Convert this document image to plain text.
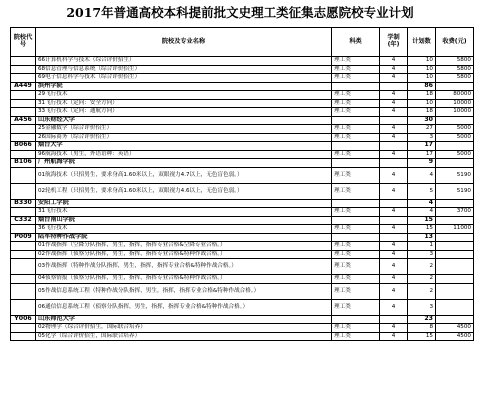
2017年普通高校本科提前批文史理工类征集志愿院校专业计划
院校代号	院校及专业名称	科类	学制(年)	计划数	收费(元)
	66计算机科学与技术（综合评价招生）	理工类	4	10	5800
	68信息管理与信息系统（综合评价招生）	理工类	4	10	5800
	69电子信息科学与技术（综合评价招生）	理工类	4	10	5800
A449	滨州学院			86	
	29飞行技术	理工类	4	18	80000
	31飞行技术（定向：安全方向）	理工类	4	10	10000
	33飞行技术（定向：通航方向）	理工类	4	18	10000
A456	山东财经大学			30	
	25金融数学（综合评价招生）	理工类	4	27	5000
	26国际商务（综合评价招生）	理工类	4	3	5000
B066	烟台大学			17	
	96航海技术（男生，外语语种：英语）	理工类	4	17	5000
B106	广州航海学院			9	
	01航海技术（只招男生，要求身高1.60米以上，双眼视力4.7以上，无色盲色弱。）	理工类	4	4	5190
	02轮机工程（只招男生，要求身高1.60米以上，双眼视力4.6以上，无色盲色弱。）	理工类	4	5	5190
B330	安阳工学院			4	
	31飞行技术	理工类	4	4	3700
C332	烟台南山学院			15	
	36飞行技术	理工类	4	15	11000
P009	陆军特种作战学院			13	
	01作战指挥（空降分队指挥，男生，指挥，指挥专业合格&空降专业合格。）	理工类	4	1	
	02作战指挥（侦察分队指挥，男生，指挥，指挥专业合格&特种作战合格。）	理工类	4	3	
	03作战指挥（特种作战分队指挥，男生，指挥，指挥专业合格&特种作战合格。）	理工类	4	2	
	04侦察情报（侦察分队指挥，男生，指挥，指挥专业合格&特种作战合格。）	理工类	4	2	
	05作战信息系统工程（特种作战分队指挥，男生，指挥，指挥专业合格&特种作战合格。）	理工类	4	2	
	06通信信息系统工程（侦察分队指挥，男生，指挥，指挥专业合格&特种作战合格。）	理工类	4	3	
Y006	山东师范大学			23	
	02物理学（综合评价招生，国际联合培养）	理工类	4	8	4500
	05化学（综合评价招生，国际联合培养）	理工类	4	15	4500
